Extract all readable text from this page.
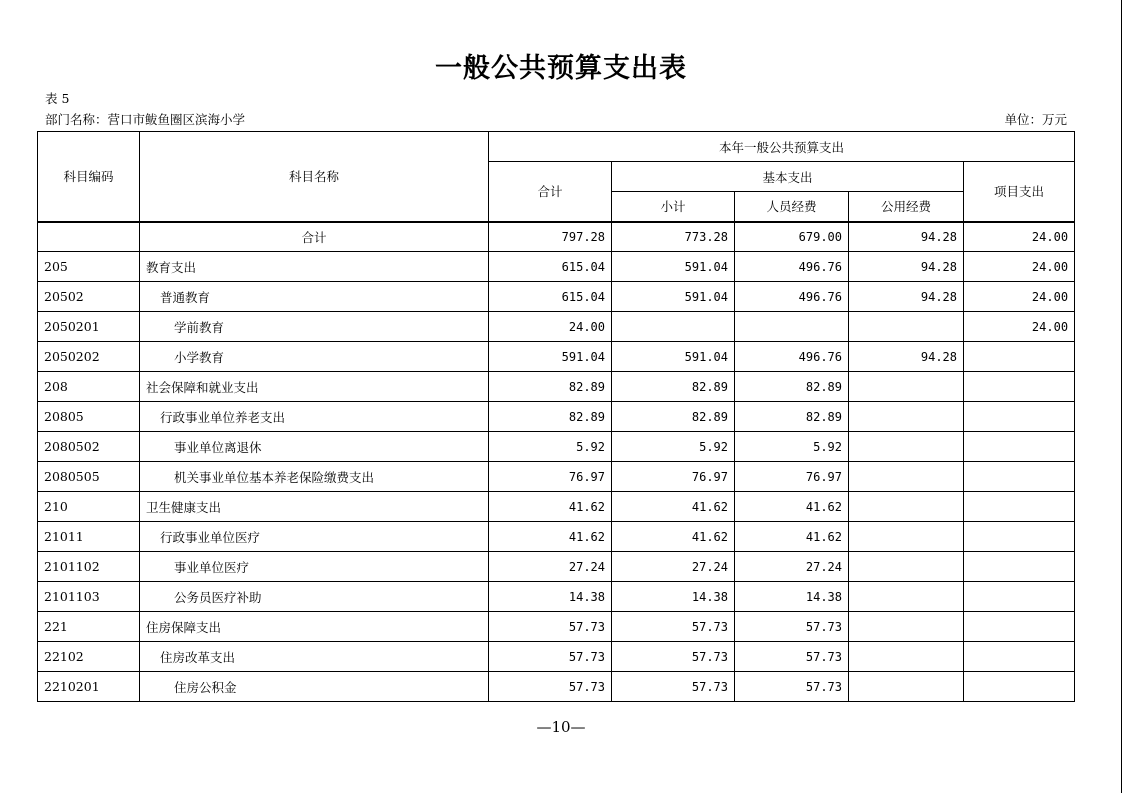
一般公共预算支出表
表 5
部门名称：营口市鲅鱼圈区滨海小学	单位：万元
科目编码	科目名称	本年一般公共预算支出				
		合计	基本支出			项目支出
			小计	人员经费	公用经费	
	合计	797.28	773.28	679.00	94.28	24.00
205	教育支出	615.04	591.04	496.76	94.28	24.00
20502	普通教育	615.04	591.04	496.76	94.28	24.00
2050201	学前教育	24.00				24.00
2050202	小学教育	591.04	591.04	496.76	94.28	
208	社会保障和就业支出	82.89	82.89	82.89		
20805	行政事业单位养老支出	82.89	82.89	82.89		
2080502	事业单位离退休	5.92	5.92	5.92		
2080505	机关事业单位基本养老保险缴费支出	76.97	76.97	76.97		
210	卫生健康支出	41.62	41.62	41.62		
21011	行政事业单位医疗	41.62	41.62	41.62		
2101102	事业单位医疗	27.24	27.24	27.24		
2101103	公务员医疗补助	14.38	14.38	14.38		
221	住房保障支出	57.73	57.73	57.73		
22102	住房改革支出	57.73	57.73	57.73		
2210201	住房公积金	57.73	57.73	57.73		
—10—
